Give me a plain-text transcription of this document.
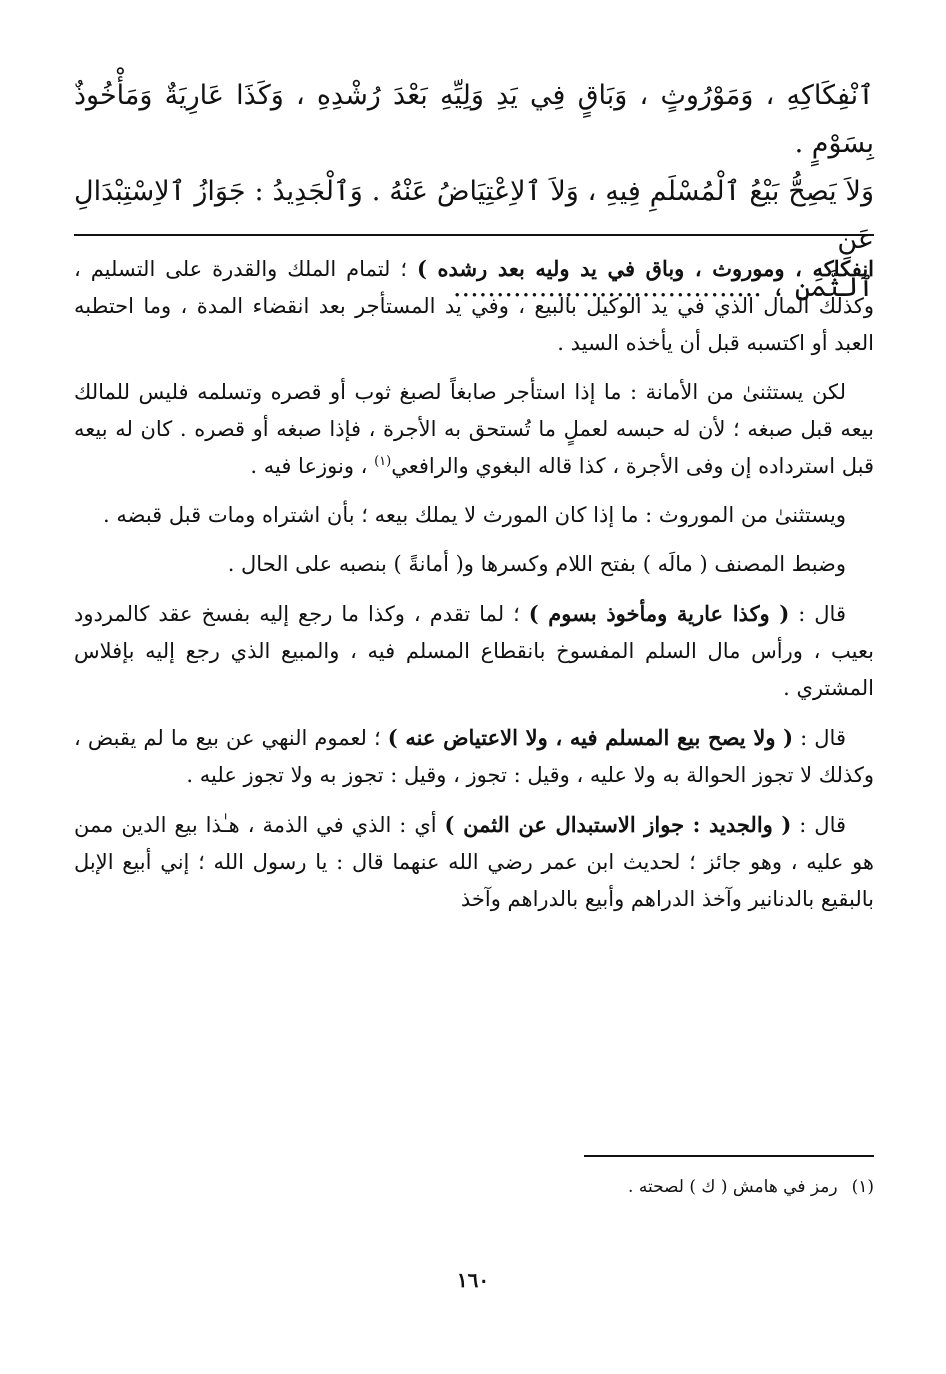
ٱنْفِكَاكِهِ ، وَمَوْرُوثٍ ، وَبَاقٍ فِي يَدِ وَلِيِّهِ بَعْدَ رُشْدِهِ ، وَكَذَا عَارِيَةٌ وَمَأْخُوذٌ بِسَوْمٍ .
وَلاَ يَصِحُّ بَيْعُ ٱلْمُسْلَمِ فِيهِ ، وَلاَ ٱلاِعْتِيَاضُ عَنْهُ . وَٱلْجَدِيدُ : جَوَازُ ٱلاِسْتِبْدَالِ عَنِ
ٱلثَّمَنِ ، ....................................

انفكاكه ، وموروث ، وباق في يد وليه بعد رشده ) ؛ لتمام الملك والقدرة على التسليم ، وكذلك المال الذي في يد الوكيل بالبيع ، وفي يد المستأجر بعد انقضاء المدة ، وما احتطبه العبد أو اكتسبه قبل أن يأخذه السيد .

لكن يستثنىٰ من الأمانة : ما إذا استأجر صابغاً لصبغ ثوب أو قصره وتسلمه فليس للمالك بيعه قبل صبغه ؛ لأن له حبسه لعملٍ ما تُستحق به الأجرة ، فإذا صبغه أو قصره . كان له بيعه قبل استرداده إن وفى الأجرة ، كذا قاله البغوي والرافعي$^{(١)}$ ، ونوزعا فيه .

ويستثنىٰ من الموروث : ما إذا كان المورث لا يملك بيعه ؛ بأن اشتراه ومات قبل قبضه .

وضبط المصنف ( مالَه ) بفتح اللام وكسرها و( أمانةً ) بنصبه على الحال .

قال : ( وكذا عارية ومأخوذ بسوم ) ؛ لما تقدم ، وكذا ما رجع إليه بفسخ عقد كالمردود بعيب ، ورأس مال السلم المفسوخ بانقطاع المسلم فيه ، والمبيع الذي رجع إليه بإفلاس المشتري .

قال : ( ولا يصح بيع المسلم فيه ، ولا الاعتياض عنه ) ؛ لعموم النهي عن بيع ما لم يقبض ، وكذلك لا تجوز الحوالة به ولا عليه ، وقيل : تجوز ، وقيل : تجوز به ولا تجوز عليه .

قال : ( والجديد : جواز الاستبدال عن الثمن ) أي : الذي في الذمة ، هـٰذا بيع الدين ممن هو عليه ، وهو جائز ؛ لحديث ابن عمر رضي الله عنهما قال : يا رسول الله ؛ إني أبيع الإبل بالبقيع بالدنانير وآخذ الدراهم وأبيع بالدراهم وآخذ

(١)رمز في هامش ( ك ) لصحته .
١٦٠
